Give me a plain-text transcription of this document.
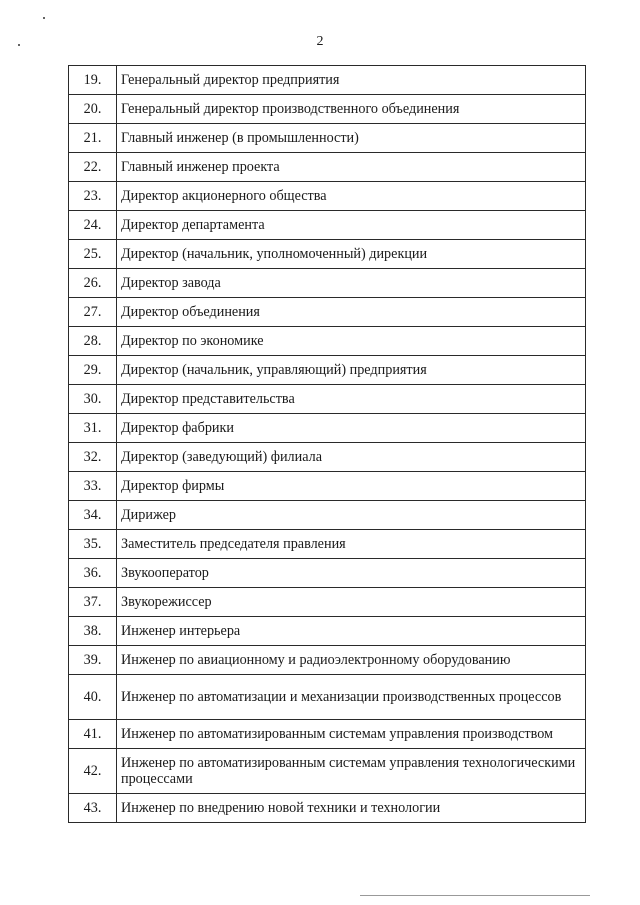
2
19.	Генеральный директор предприятия
20.	Генеральный директор производственного объединения
21.	Главный инженер (в промышленности)
22.	Главный инженер проекта
23.	Директор акционерного общества
24.	Директор департамента
25.	Директор (начальник, уполномоченный) дирекции
26.	Директор завода
27.	Директор объединения
28.	Директор по экономике
29.	Директор (начальник, управляющий) предприятия
30.	Директор представительства
31.	Директор фабрики
32.	Директор (заведующий) филиала
33.	Директор фирмы
34.	Дирижер
35.	Заместитель председателя правления
36.	Звукооператор
37.	Звукорежиссер
38.	Инженер интерьера
39.	Инженер по авиационному и радиоэлектронному оборудованию
40.	Инженер по автоматизации и механизации производственных процессов
41.	Инженер по автоматизированным системам управления производством
42.	Инженер по автоматизированным системам управления технологическими процессами
43.	Инженер по внедрению новой техники и технологии
